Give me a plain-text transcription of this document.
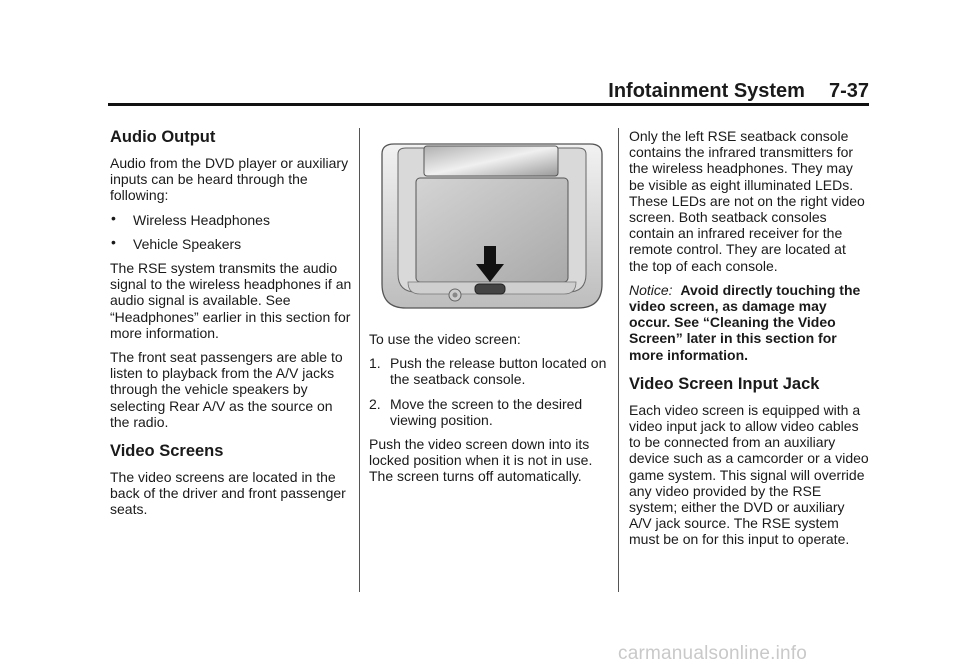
Infotainment System 7-37
Audio Output

Audio from the DVD player or auxiliary inputs can be heard through the following:

• Wireless Headphones
• Vehicle Speakers

The RSE system transmits the audio signal to the wireless headphones if an audio signal is available. See “Headphones” earlier in this section for more information.

The front seat passengers are able to listen to playback from the A/V jacks through the vehicle speakers by selecting Rear A/V as the source on the radio.

Video Screens

The video screens are located in the back of the driver and front passenger seats.

To use the video screen:

1. Push the release button located on the seatback console.
2. Move the screen to the desired viewing position.

Push the video screen down into its locked position when it is not in use. The screen turns off automatically.

Only the left RSE seatback console contains the infrared transmitters for the wireless headphones. They may be visible as eight illuminated LEDs. These LEDs are not on the right video screen. Both seatback consoles contain an infrared receiver for the remote control. They are located at the top of each console.

Notice: Avoid directly touching the video screen, as damage may occur. See “Cleaning the Video Screen” later in this section for more information.

Video Screen Input Jack

Each video screen is equipped with a video input jack to allow video cables to be connected from an auxiliary device such as a camcorder or a video game system. This signal will override any video provided by the RSE system; either the DVD or auxiliary A/V jack source. The RSE system must be on for this input to operate.

carmanualsonline.info
